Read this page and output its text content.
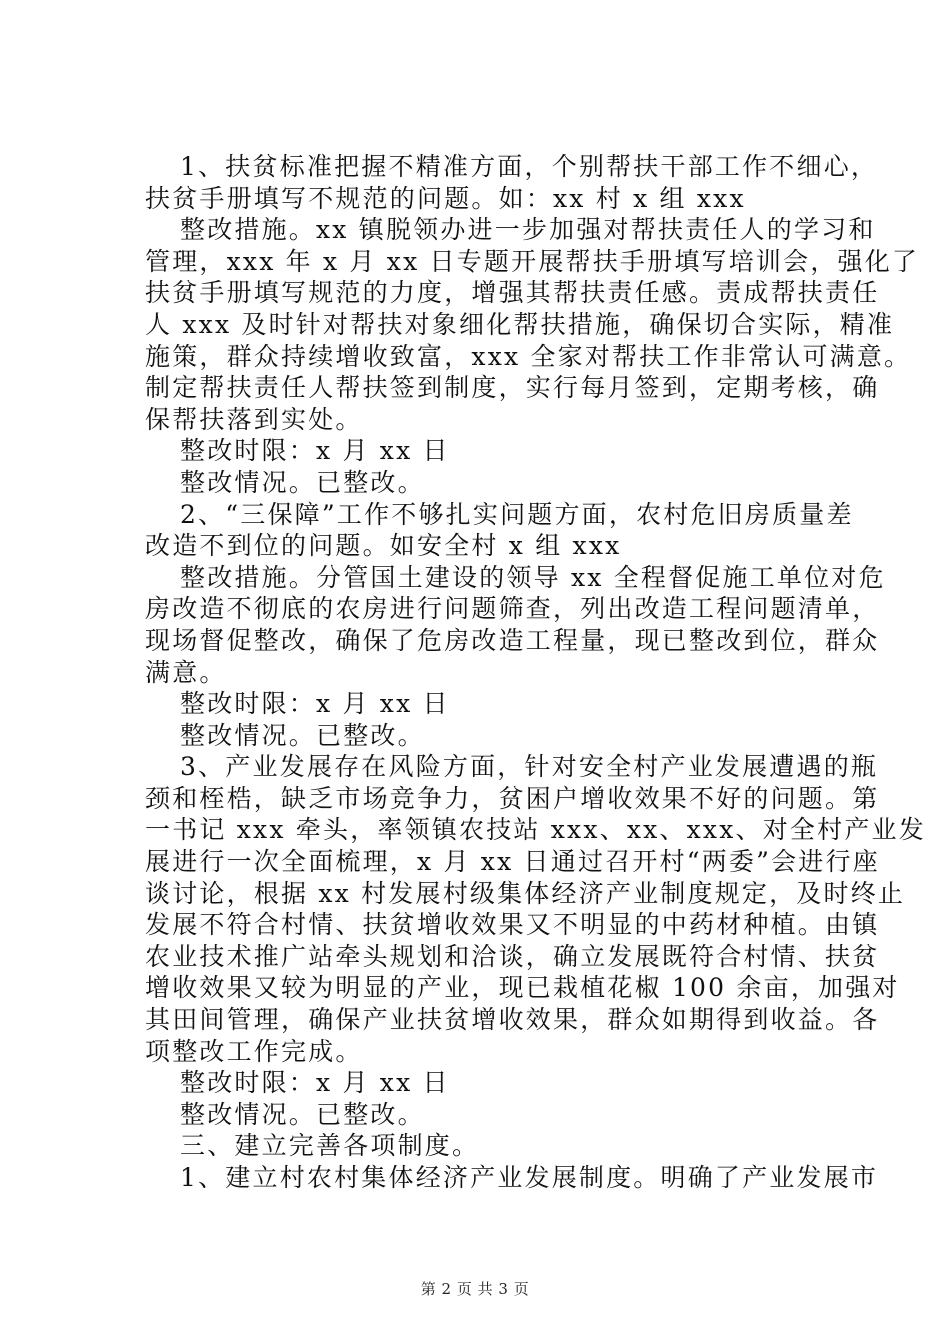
1、扶贫标准把握不精准方面，个别帮扶干部工作不细心，
扶贫手册填写不规范的问题。如：xx 村 x 组 xxx
整改措施。xx 镇脱领办进一步加强对帮扶责任人的学习和
管理，xxx 年 x 月 xx 日专题开展帮扶手册填写培训会，强化了
扶贫手册填写规范的力度，增强其帮扶责任感。责成帮扶责任
人 xxx 及时针对帮扶对象细化帮扶措施，确保切合实际，精准
施策，群众持续增收致富，xxx 全家对帮扶工作非常认可满意。
制定帮扶责任人帮扶签到制度，实行每月签到，定期考核，确
保帮扶落到实处。
整改时限：x 月 xx 日
整改情况。已整改。
2、“三保障”工作不够扎实问题方面，农村危旧房质量差
改造不到位的问题。如安全村 x 组 xxx
整改措施。分管国土建设的领导 xx 全程督促施工单位对危
房改造不彻底的农房进行问题筛查，列出改造工程问题清单，
现场督促整改，确保了危房改造工程量，现已整改到位，群众
满意。
整改时限：x 月 xx 日
整改情况。已整改。
3、产业发展存在风险方面，针对安全村产业发展遭遇的瓶
颈和桎梏，缺乏市场竞争力，贫困户增收效果不好的问题。第
一书记 xxx 牵头，率领镇农技站 xxx、xx、xxx、对全村产业发
展进行一次全面梳理，x 月 xx 日通过召开村“两委”会进行座
谈讨论，根据 xx 村发展村级集体经济产业制度规定，及时终止
发展不符合村情、扶贫增收效果又不明显的中药材种植。由镇
农业技术推广站牵头规划和洽谈，确立发展既符合村情、扶贫
增收效果又较为明显的产业，现已栽植花椒 100 余亩，加强对
其田间管理，确保产业扶贫增收效果，群众如期得到收益。各
项整改工作完成。
整改时限：x 月 xx 日
整改情况。已整改。
三、建立完善各项制度。
1、建立村农村集体经济产业发展制度。明确了产业发展市
第 2 页 共 3 页
